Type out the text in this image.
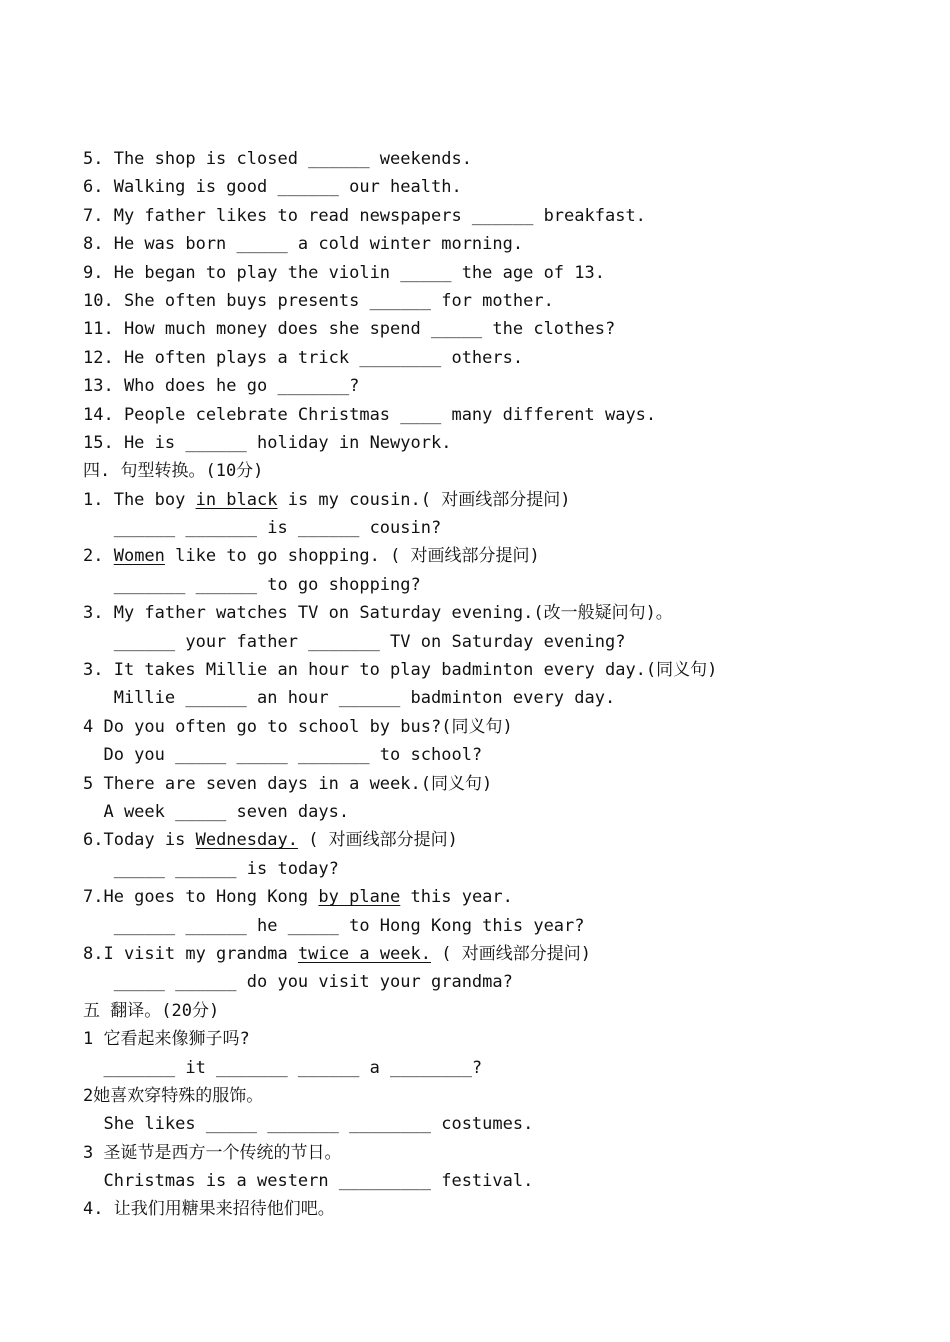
5. The shop is closed ______ weekends.
6. Walking is good ______ our health.
7. My father likes to read newspapers ______ breakfast.
8. He was born _____ a cold winter morning.
9. He began to play the violin _____ the age of 13.
10. She often buys presents ______ for mother.
11. How much money does she spend _____ the clothes?
12. He often plays a trick ________ others.
13. Who does he go _______?
14. People celebrate Christmas ____ many different ways.
15. He is ______ holiday in Newyork.
四. 句型转换。(10分)
1. The boy in black is my cousin.( 对画线部分提问)
______ _______ is ______ cousin?
2. Women like to go shopping. ( 对画线部分提问)
_______ ______ to go shopping?
3. My father watches TV on Saturday evening.(改一般疑问句)。
______ your father _______ TV on Saturday evening?
3. It takes Millie an hour to play badminton every day.(同义句)
Millie ______ an hour ______ badminton every day.
4 Do you often go to school by bus?(同义句)
Do you _____ _____ _______ to school?
5 There are seven days in a week.(同义句)
A week _____ seven days.
6.Today is Wednesday. ( 对画线部分提问)
_____ ______ is today?
7.He goes to Hong Kong by plane this year.
______ ______ he _____ to Hong Kong this year?
8.I visit my grandma twice a week. ( 对画线部分提问)
_____ ______ do you visit your grandma?
五 翻译。(20分)
1 它看起来像狮子吗?
_______ it _______ ______ a ________?
2她喜欢穿特殊的服饰。
She likes _____ _______ ________ costumes.
3 圣诞节是西方一个传统的节日。
Christmas is a western _________ festival.
4. 让我们用糖果来招待他们吧。
